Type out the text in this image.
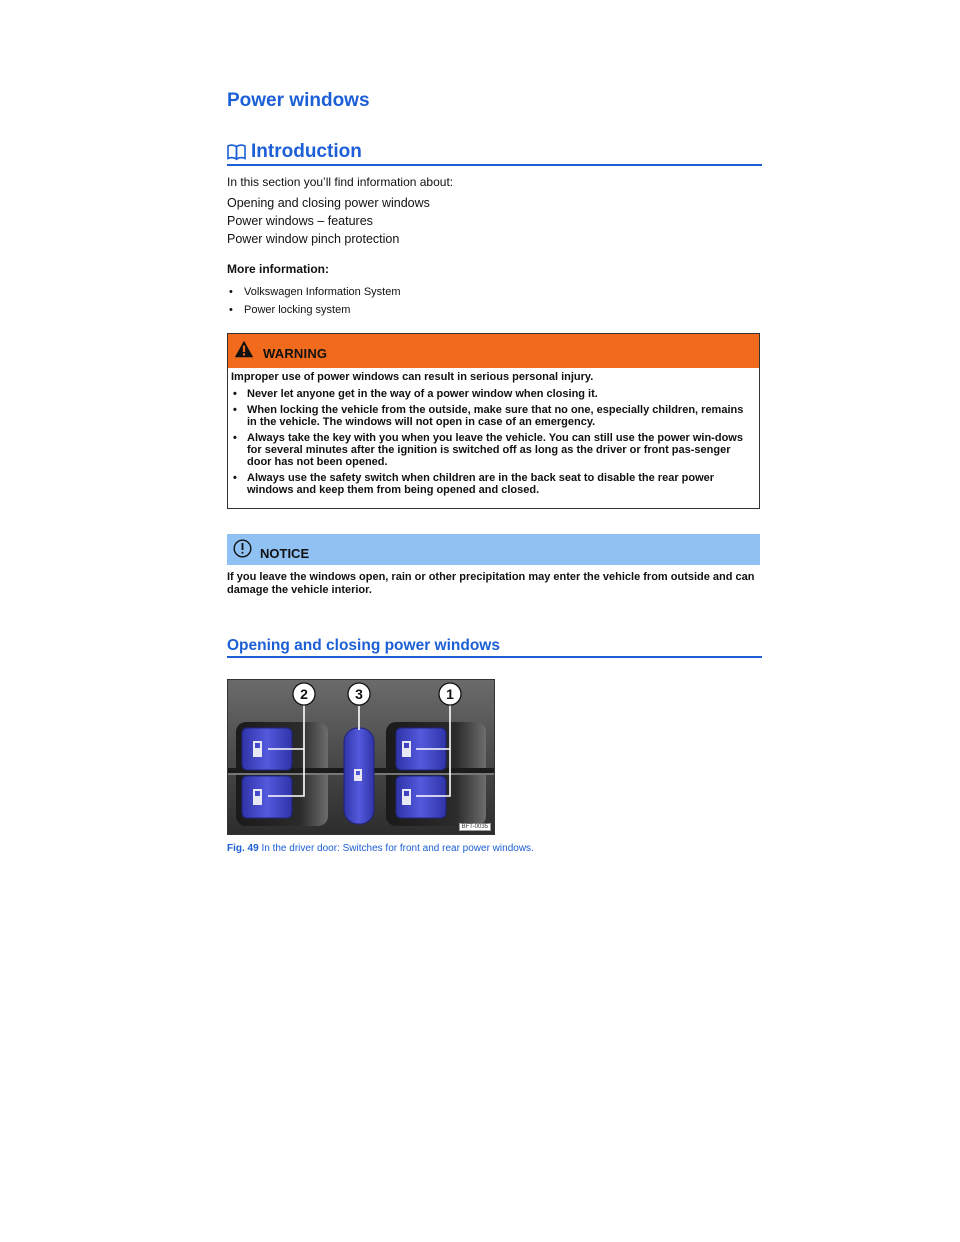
Power windows
Introduction
In this section you’ll find information about:
Opening and closing power windows
Power windows – features
Power window pinch protection
More information:
• Volkswagen Information System
• Power locking system
WARNING

Improper use of power windows can result in serious personal injury.

• Never let anyone get in the way of a power window when closing it.
• When locking the vehicle from the outside, make sure that no one, especially children, remains in the vehicle. The windows will not open in case of an emergency.
• Always take the key with you when you leave the vehicle. You can still use the power win-dows for several minutes after the ignition is switched off as long as the driver or front pas-senger door has not been opened.
• Always use the safety switch when children are in the back seat to disable the rear power windows and keep them from being opened and closed.
NOTICE

If you leave the windows open, rain or other precipitation may enter the vehicle from outside and can damage the vehicle interior.

Opening and closing power windows
2	3	1
BFT-0035
Fig. 49 In the driver door: Switches for front and rear power windows.
